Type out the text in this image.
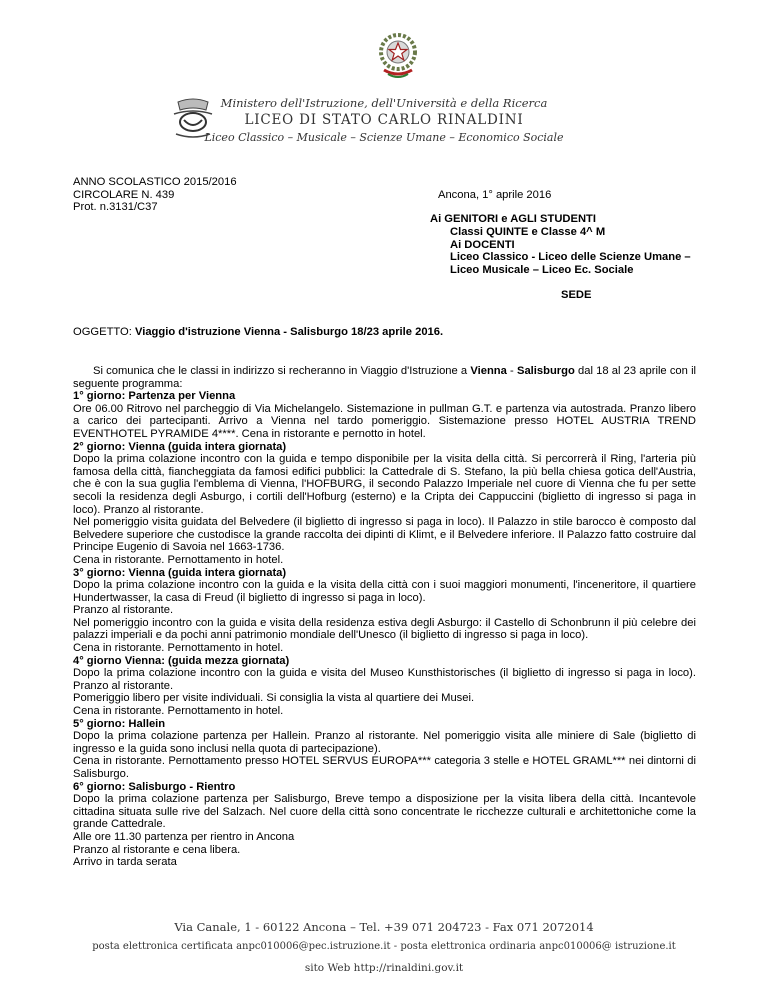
Ministero dell'Istruzione, dell'Università e della Ricerca
LICEO DI STATO CARLO RINALDINI
Liceo Classico – Musicale – Scienze Umane – Economico Sociale
ANNO SCOLASTICO 2015/2016
CIRCOLARE N. 439
Prot. n.3131/C37
Ancona, 1° aprile 2016
Ai GENITORI e AGLI STUDENTI
Classi QUINTE e Classe 4^ M
Ai DOCENTI
Liceo Classico - Liceo delle Scienze Umane –
Liceo Musicale – Liceo Ec. Sociale
SEDE
OGGETTO: Viaggio d'istruzione Vienna - Salisburgo 18/23 aprile 2016.

Si comunica che le classi in indirizzo si recheranno in Viaggio d'Istruzione a Vienna - Salisburgo dal 18 al 23 aprile con il seguente programma:

1° giorno: Partenza per Vienna

Ore 06.00 Ritrovo nel parcheggio di Via Michelangelo. Sistemazione in pullman G.T. e partenza via autostrada. Pranzo libero a carico dei partecipanti. Arrivo a Vienna nel tardo pomeriggio. Sistemazione presso HOTEL AUSTRIA TREND EVENTHOTEL PYRAMIDE 4****. Cena in ristorante e pernotto in hotel.

2° giorno: Vienna (guida intera giornata)

Dopo la prima colazione incontro con la guida e tempo disponibile per la visita della città. Si percorrerà il Ring, l'arteria più famosa della città, fiancheggiata da famosi edifici pubblici: la Cattedrale di S. Stefano, la più bella chiesa gotica dell'Austria, che è con la sua guglia l'emblema di Vienna, l'HOFBURG, il secondo Palazzo Imperiale nel cuore di Vienna che fu per sette secoli la residenza degli Asburgo, i cortili dell'Hofburg (esterno) e la Cripta dei Cappuccini (biglietto di ingresso si paga in loco). Pranzo al ristorante.

Nel pomeriggio visita guidata del Belvedere (il biglietto di ingresso si paga in loco). Il Palazzo in stile barocco è composto dal Belvedere superiore che custodisce la grande raccolta dei dipinti di Klimt, e il Belvedere inferiore. Il Palazzo fatto costruire dal Principe Eugenio di Savoia nel 1663-1736.

Cena in ristorante. Pernottamento in hotel.

3° giorno: Vienna (guida intera giornata)

Dopo la prima colazione incontro con la guida e la visita della città con i suoi maggiori monumenti, l'inceneritore, il quartiere Hundertwasser, la casa di Freud (il biglietto di ingresso si paga in loco).

Pranzo al ristorante.

Nel pomeriggio incontro con la guida e visita della residenza estiva degli Asburgo: il Castello di Schonbrunn il più celebre dei palazzi imperiali e da pochi anni patrimonio mondiale dell'Unesco (il biglietto di ingresso si paga in loco).

Cena in ristorante. Pernottamento in hotel.

4° giorno Vienna: (guida mezza giornata)

Dopo la prima colazione incontro con la guida e visita del Museo Kunsthistorisches (il biglietto di ingresso si paga in loco). Pranzo al ristorante.

Pomeriggio libero per visite individuali. Si consiglia la vista al quartiere dei Musei.

Cena in ristorante. Pernottamento in hotel.

5° giorno: Hallein

Dopo la prima colazione partenza per Hallein. Pranzo al ristorante. Nel pomeriggio visita alle miniere di Sale (biglietto di ingresso e la guida sono inclusi nella quota di partecipazione).

Cena in ristorante. Pernottamento presso HOTEL SERVUS EUROPA*** categoria 3 stelle e HOTEL GRAML*** nei dintorni di Salisburgo.

6° giorno: Salisburgo - Rientro

Dopo la prima colazione partenza per Salisburgo, Breve tempo a disposizione per la visita libera della città. Incantevole cittadina situata sulle rive del Salzach. Nel cuore della città sono concentrate le ricchezze culturali e architettoniche come la grande Cattedrale.

Alle ore 11.30 partenza per rientro in Ancona

Pranzo al ristorante e cena libera.

Arrivo in tarda serata

Via Canale, 1 - 60122 Ancona – Tel. +39 071 204723 - Fax 071 2072014
posta elettronica certificata anpc010006@pec.istruzione.it - posta elettronica ordinaria anpc010006@ istruzione.it
sito Web http://rinaldini.gov.it
